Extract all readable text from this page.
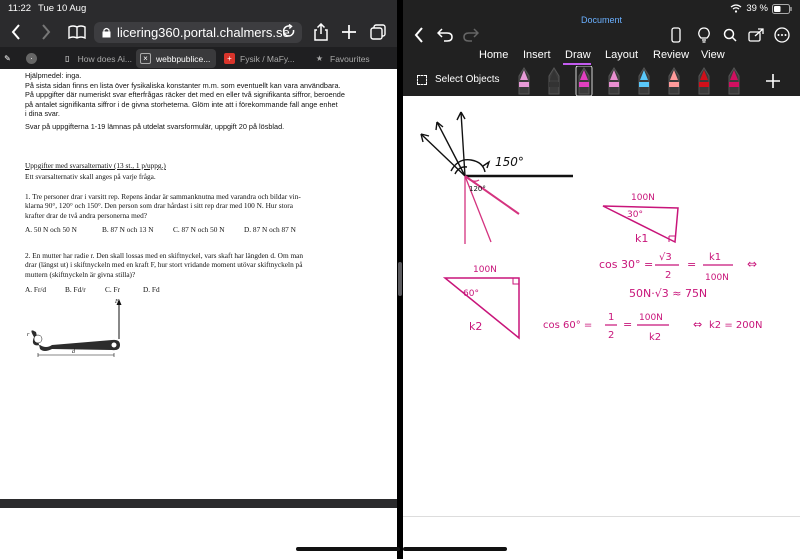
11:22 Tue 10 Aug
licering360.portal.chalmers.se
✎	·	▯ How does Ai...	× webbpublice...	+ Fysik / MaFy...	★ Favourites
Hjälpmedel: inga.
På sista sidan finns en lista över fysikaliska konstanter m.m. som eventuellt kan vara användbara.
På uppgifter där numeriskt svar efterfrågas räcker det med en eller två signifikanta siffror, beroende
på antalet signifikanta siffror i de givna storheterna. Glöm inte att i förekommande fall ange enhet
i dina svar.
Svar på uppgifterna 1-19 lämnas på utdelat svarsformulär, uppgift 20 på lösblad.
Uppgifter med svarsalternativ (13 st., 1 p/uppg.)
Ett svarsalternativ skall anges på varje fråga.
1. Tre personer drar i varsitt rep. Repens ändar är sammanknutna med varandra och bildar vin-
klarna 90°, 120° och 150°. Den person som drar hårdast i sitt rep drar med 100 N. Hur stora
krafter drar de två andra personerna med?
A. 50 N och 50 N	B. 87 N och 13 N	C. 87 N och 50 N	D. 87 N och 87 N
2. En mutter har radie r. Den skall lossas med en skiftnyckel, vars skaft har längden d. Om man
drar (längst ut) i skiftnyckeln med en kraft F, hur stort vridande moment utövar skiftnyckeln på
muttern (skiftnyckeln är givna stilla)?
A. Fr/d	B. Fd/r	C. Fr	D. Fd
F
r
d
39 %
Document
Home Insert Draw Layout Review View
Select Objects
150°
120°
100N
30°
k1
cos 30° =
√3
2
=
k1
100N
⇔
50N·√3 ≈ 75N
100N
60°
k2	cos 60° =
1
2
= 100N
k2
⇔ k2 = 200N
